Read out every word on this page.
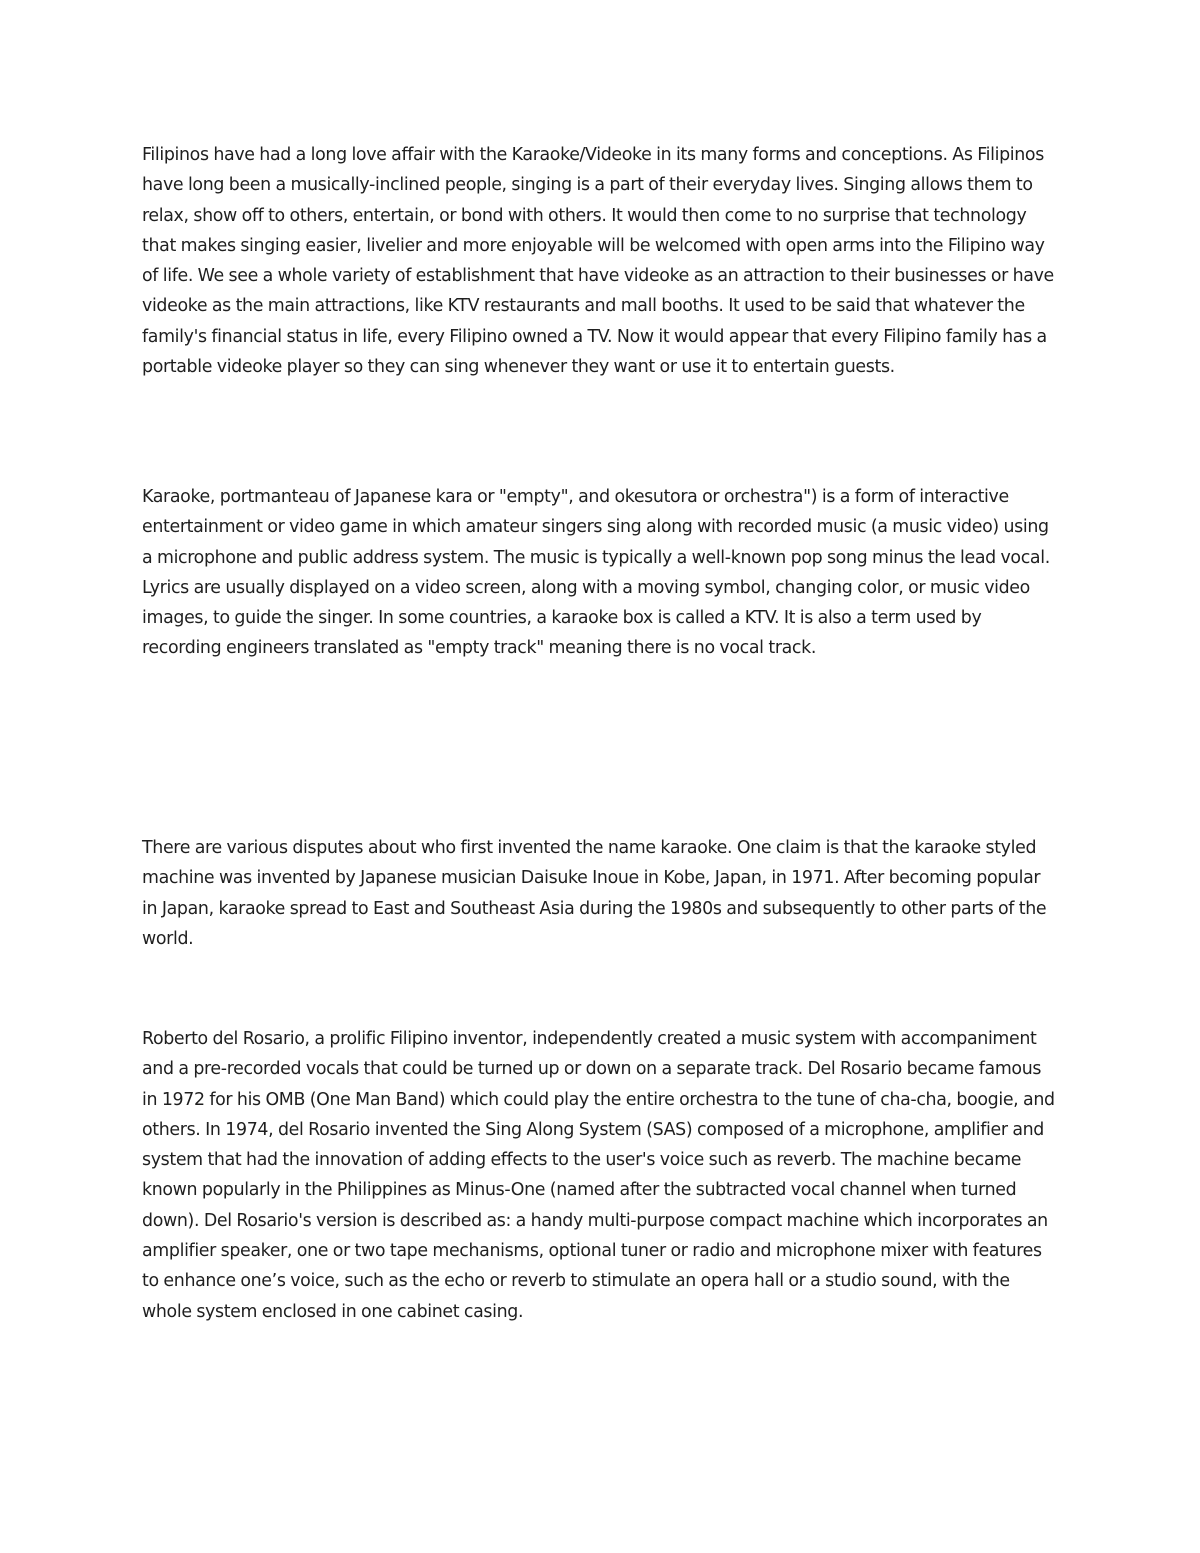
Filipinos have had a long love affair with the Karaoke/Videoke in its many forms and conceptions. As Filipinos have long been a musically-inclined people, singing is a part of their everyday lives. Singing allows them to relax, show off to others, entertain, or bond with others. It would then come to no surprise that technology that makes singing easier, livelier and more enjoyable will be welcomed with open arms into the Filipino way of life. We see a whole variety of establishment that have videoke as an attraction to their businesses or have videoke as the main attractions, like KTV restaurants and mall booths. It used to be said that whatever the family's financial status in life, every Filipino owned a TV. Now it would appear that every Filipino family has a portable videoke player so they can sing whenever they want or use it to entertain guests.

Karaoke, portmanteau of Japanese kara or "empty", and okesutora or orchestra") is a form of interactive entertainment or video game in which amateur singers sing along with recorded music (a music video) using a microphone and public address system. The music is typically a well-known pop song minus the lead vocal. Lyrics are usually displayed on a video screen, along with a moving symbol, changing color, or music video images, to guide the singer. In some countries, a karaoke box is called a KTV. It is also a term used by recording engineers translated as "empty track" meaning there is no vocal track.

There are various disputes about who first invented the name karaoke. One claim is that the karaoke styled machine was invented by Japanese musician Daisuke Inoue in Kobe, Japan, in 1971. After becoming popular in Japan, karaoke spread to East and Southeast Asia during the 1980s and subsequently to other parts of the world.

Roberto del Rosario, a prolific Filipino inventor, independently created a music system with accompaniment and a pre-recorded vocals that could be turned up or down on a separate track. Del Rosario became famous in 1972 for his OMB (One Man Band) which could play the entire orchestra to the tune of cha-cha, boogie, and others. In 1974, del Rosario invented the Sing Along System (SAS) composed of a microphone, amplifier and system that had the innovation of adding effects to the user's voice such as reverb. The machine became known popularly in the Philippines as Minus-One (named after the subtracted vocal channel when turned down). Del Rosario's version is described as: a handy multi-purpose compact machine which incorporates an amplifier speaker, one or two tape mechanisms, optional tuner or radio and microphone mixer with features to enhance one’s voice, such as the echo or reverb to stimulate an opera hall or a studio sound, with the whole system enclosed in one cabinet casing.
